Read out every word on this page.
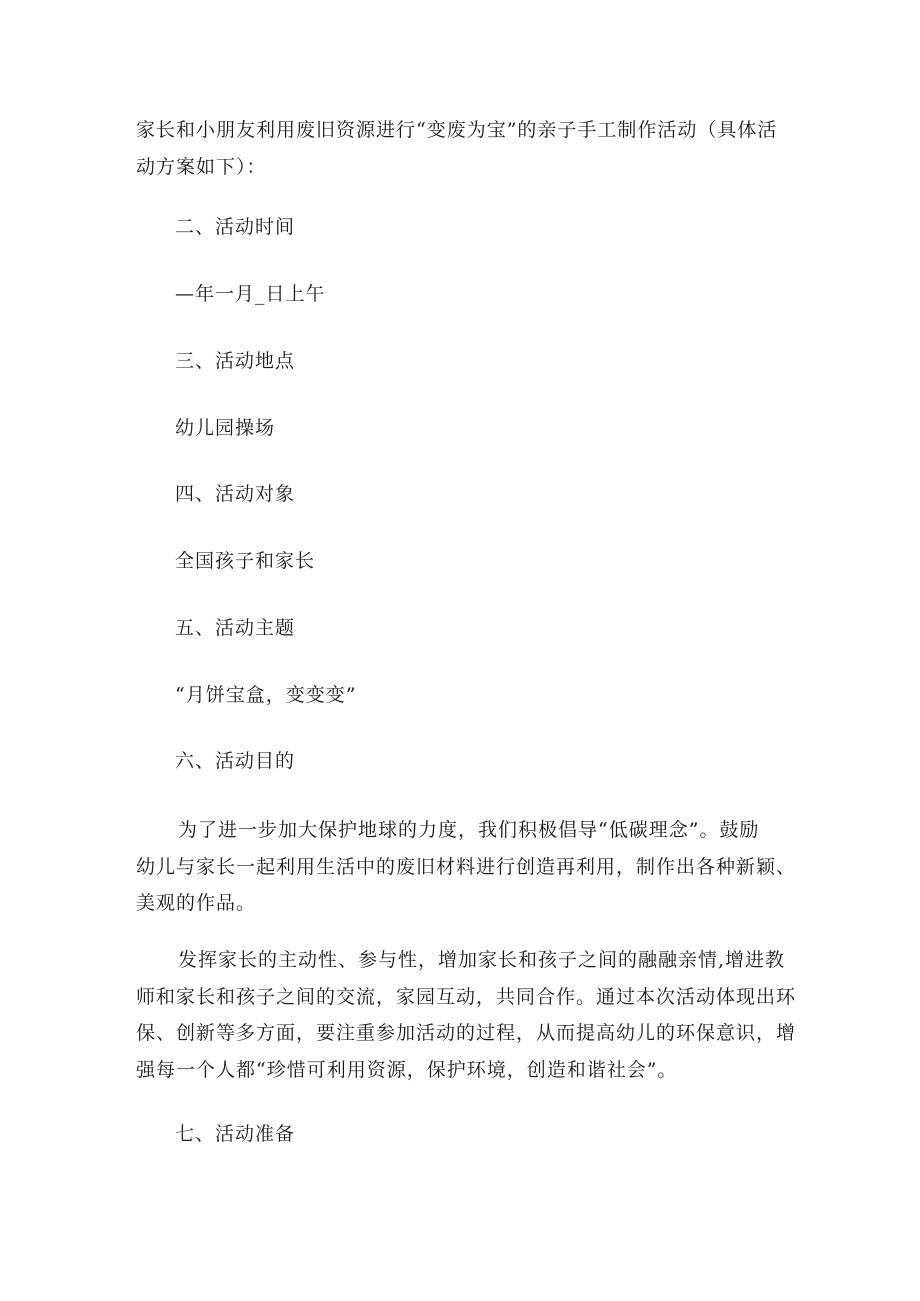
家长和小朋友利用废旧资源进行“变废为宝”的亲子手工制作活动（具体活
动方案如下）：
二、活动时间
—年一月_日上午
三、活动地点
幼儿园操场
四、活动对象
全国孩子和家长
五、活动主题
“月饼宝盒，变变变”
六、活动目的
为了进一步加大保护地球的力度，我们积极倡导“低碳理念”。鼓励
幼儿与家长一起利用生活中的废旧材料进行创造再利用，制作出各种新颖、
美观的作品。
发挥家长的主动性、参与性，增加家长和孩子之间的融融亲情,增进教
师和家长和孩子之间的交流，家园互动，共同合作。通过本次活动体现出环
保、创新等多方面，要注重参加活动的过程，从而提高幼儿的环保意识，增
强每一个人都“珍惜可利用资源，保护环境，创造和谐社会”。
七、活动准备
